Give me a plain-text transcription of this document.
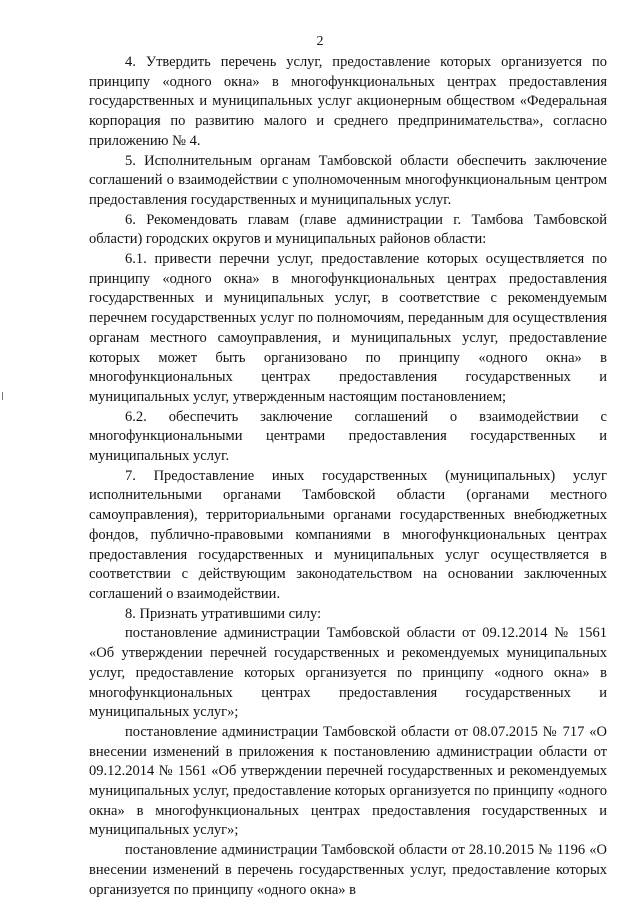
2

4. Утвердить перечень услуг, предоставление которых организуется по принципу «одного окна» в многофункциональных центрах предоставления государственных и муниципальных услуг акционерным обществом «Федеральная корпорация по развитию малого и среднего предпринимательства», согласно приложению № 4.

5. Исполнительным органам Тамбовской области обеспечить заключение соглашений о взаимодействии с уполномоченным многофункциональным центром предоставления государственных и муниципальных услуг.

6. Рекомендовать главам (главе администрации г. Тамбова Тамбовской области) городских округов и муниципальных районов области:

6.1. привести перечни услуг, предоставление которых осуществляется по принципу «одного окна» в многофункциональных центрах предоставления государственных и муниципальных услуг, в соответствие с рекомендуемым перечнем государственных услуг по полномочиям, переданным для осуществления органам местного самоуправления, и муниципальных услуг, предоставление которых может быть организовано по принципу «одного окна» в многофункциональных центрах предоставления государственных и муниципальных услуг, утвержденным настоящим постановлением;

6.2. обеспечить заключение соглашений о взаимодействии с многофункциональными центрами предоставления государственных и муниципальных услуг.

7. Предоставление иных государственных (муниципальных) услуг исполнительными органами Тамбовской области (органами местного самоуправления), территориальными органами государственных внебюджетных фондов, публично-правовыми компаниями в многофункциональных центрах предоставления государственных и муниципальных услуг осуществляется в соответствии с действующим законодательством на основании заключенных соглашений о взаимодействии.

8. Признать утратившими силу:

постановление администрации Тамбовской области от 09.12.2014 № 1561 «Об утверждении перечней государственных и рекомендуемых муниципальных услуг, предоставление которых организуется по принципу «одного окна» в многофункциональных центрах предоставления государственных и муниципальных услуг»;

постановление администрации Тамбовской области от 08.07.2015 № 717 «О внесении изменений в приложения к постановлению администрации области от 09.12.2014 № 1561 «Об утверждении перечней государственных и рекомендуемых муниципальных услуг, предоставление которых организуется по принципу «одного окна» в многофункциональных центрах предоставления государственных и муниципальных услуг»;

постановление администрации Тамбовской области от 28.10.2015 № 1196 «О внесении изменений в перечень государственных услуг, предоставление которых организуется по принципу «одного окна» в
